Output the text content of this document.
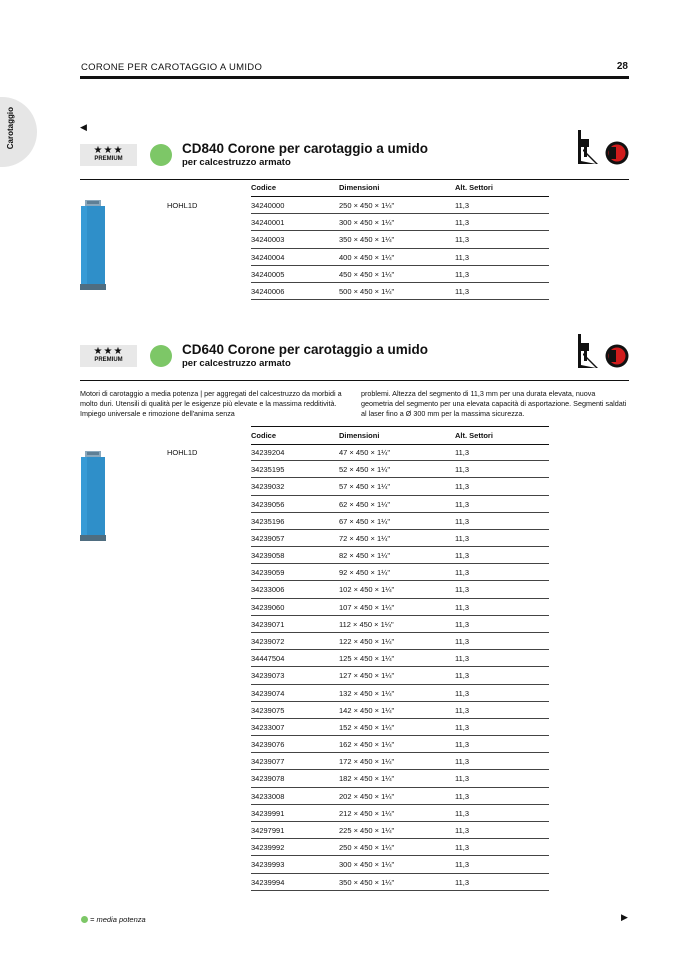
CORONE PER CAROTAGGIO A UMIDO	28
Carotaggio	◀
★★★
PREMIUM
CD840 Corone per carotaggio a umido
per calcestruzzo armato
Codice	Dimensioni	Alt. Settori
HOHL1D	34240000	250 × 450 × 1¼"	11,3
34240001	300 × 450 × 1¼"	11,3
34240003	350 × 450 × 1¼"	11,3
34240004	400 × 450 × 1¼"	11,3
34240005	450 × 450 × 1¼"	11,3
34240006	500 × 450 × 1¼"	11,3
★★★
PREMIUM
CD640 Corone per carotaggio a umido
per calcestruzzo armato
Motori di carotaggio a media potenza | per aggregati del calcestruzzo da morbidi a molto duri. Utensili di qualità per le esigenze più elevate e la massima redditività. Impiego universale e rimozione dell'anima senza
problemi. Altezza del segmento di 11,3 mm per una durata elevata, nuova geometria del segmento per una elevata capacità di asportazione. Segmenti saldati al laser fino a Ø 300 mm per la massima sicurezza.
Codice	Dimensioni	Alt. Settori
HOHL1D	34239204	47 × 450 × 1¼"	11,3
34235195	52 × 450 × 1¼"	11,3
34239032	57 × 450 × 1¼"	11,3
34239056	62 × 450 × 1¼"	11,3
34235196	67 × 450 × 1¼"	11,3
34239057	72 × 450 × 1¼"	11,3
34239058	82 × 450 × 1¼"	11,3
34239059	92 × 450 × 1¼"	11,3
34233006	102 × 450 × 1¼"	11,3
34239060	107 × 450 × 1¼"	11,3
34239071	112 × 450 × 1¼"	11,3
34239072	122 × 450 × 1¼"	11,3
34447504	125 × 450 × 1¼"	11,3
34239073	127 × 450 × 1¼"	11,3
34239074	132 × 450 × 1¼"	11,3
34239075	142 × 450 × 1¼"	11,3
34233007	152 × 450 × 1¼"	11,3
34239076	162 × 450 × 1¼"	11,3
34239077	172 × 450 × 1¼"	11,3
34239078	182 × 450 × 1¼"	11,3
34233008	202 × 450 × 1¼"	11,3
34239991	212 × 450 × 1¼"	11,3
34297991	225 × 450 × 1¼"	11,3
34239992	250 × 450 × 1¼"	11,3
34239993	300 × 450 × 1¼"	11,3
34239994	350 × 450 × 1¼"	11,3
= media potenza	▶
